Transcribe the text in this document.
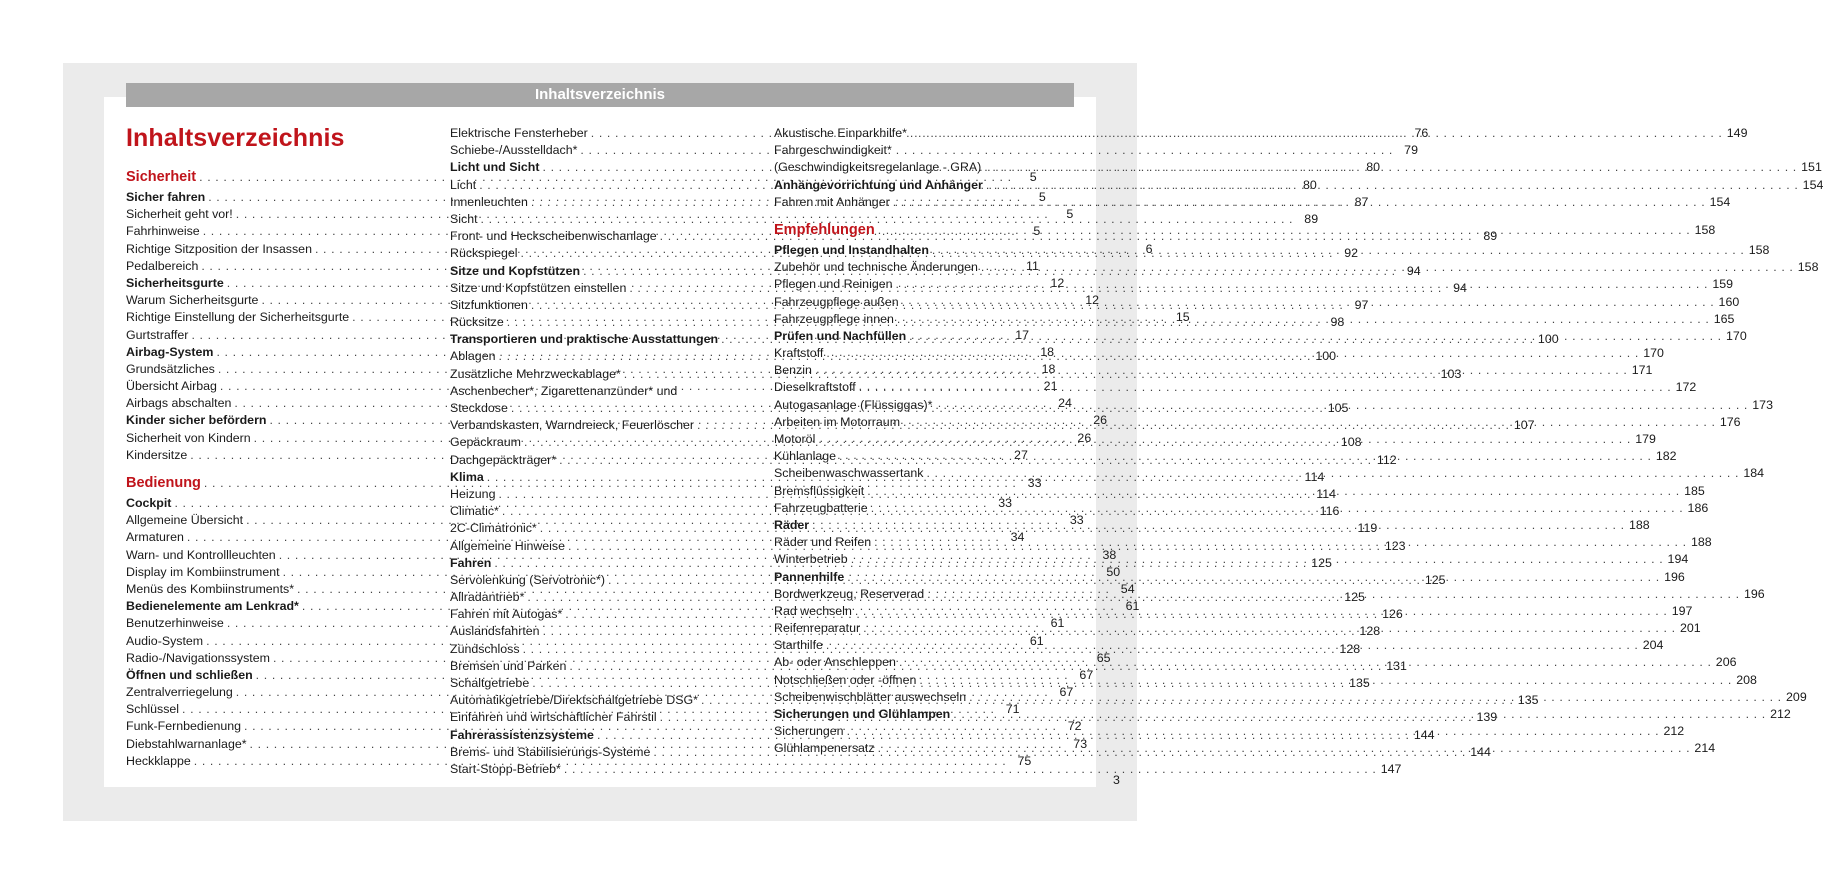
Inhaltsverzeichnis
Inhaltsverzeichnis
Sicherheit . . .	5
Sicher fahren . . .	5
Sicherheit geht vor! . . .	5
Fahrhinweise . . .	5
Richtige Sitzposition der Insassen . . .	6
Pedalbereich . . .	11
Sicherheitsgurte . . .	12
Warum Sicherheitsgurte . . .	12
Richtige Einstellung der Sicherheitsgurte . . .	15
Gurtstraffer . . .	17
Airbag-System . . .	18
Grundsätzliches . . .	18
Übersicht Airbag . . .	21
Airbags abschalten . . .	24
Kinder sicher befördern . . .	26
Sicherheit von Kindern . . .	26
Kindersitze . . .	27
Bedienung . . .	33
Cockpit . . .	33
Allgemeine Übersicht . . .	33
Armaturen . . .	34
Warn- und Kontrollleuchten . . .	38
Display im Kombiinstrument . . .	50
Menüs des Kombiinstruments* . . .	54
Bedienelemente am Lenkrad* . . .	61
Benutzerhinweise . . .	61
Audio-System . . .	61
Radio-/Navigationssystem . . .	65
Öffnen und schließen . . .	67
Zentralverriegelung . . .	67
Schlüssel . . .	71
Funk-Fernbedienung . . .	72
Diebstahlwarnanlage* . . .	73
Heckklappe . . .	75
Elektrische Fensterheber . . .	76
Schiebe-/Ausstelldach* . . .	79
Licht und Sicht . . .	80
Licht . . .	80
Innenleuchten . . .	87
Sicht . . .	89
Front- und Heckscheibenwischanlage . . .	89
Rückspiegel . . .	92
Sitze und Kopfstützen . . .	94
Sitze und Kopfstützen einstellen . . .	94
Sitzfunktionen . . .	97
Rücksitze . . .	98
Transportieren und praktische Ausstattungen . . .	100
Ablagen . . .	100
Zusätzliche Mehrzweckablage* . . .	103
Aschenbecher*, Zigarettenanzünder* und
Steckdose . . .	105
Verbandskasten, Warndreieck, Feuerlöscher . . .	107
Gepäckraum . . .	108
Dachgepäckträger* . . .	112
Klima . . .	114
Heizung . . .	114
Climatic* . . .	116
2C-Climatronic* . . .	119
Allgemeine Hinweise . . .	123
Fahren . . .	125
Servolenkung (Servotronic*) . . .	125
Allradantrieb* . . .	125
Fahren mit Autogas* . . .	126
Auslandsfahrten . . .	128
Zündschloss . . .	128
Bremsen und Parken . . .	131
Schaltgetriebe . . .	135
Automatikgetriebe/Direktschaltgetriebe DSG* . . .	135
Einfahren und wirtschaftlicher Fahrstil . . .	139
Fahrerassistenzsysteme . . .	144
Brems- und Stabilisierungs-Systeme . . .	144
Start-Stopp-Betrieb* . . .	147
Akustische Einparkhilfe* . . .	149
Fahrgeschwindigkeit*
(Geschwindigkeitsregelanlage - GRA) . . .	151
Anhängevorrichtung und Anhänger . . .	154
Fahren mit Anhänger . . .	154
Empfehlungen . . .	158
Pflegen und Instandhalten . . .	158
Zubehör und technische Änderungen . . .	158
Pflegen und Reinigen . . .	159
Fahrzeugpflege außen . . .	160
Fahrzeugpflege innen . . .	165
Prüfen und Nachfüllen . . .	170
Kraftstoff . . .	170
Benzin . . .	171
Dieselkraftstoff . . .	172
Autogasanlage (Flüssiggas)* . . .	173
Arbeiten im Motorraum . . .	176
Motoröl . . .	179
Kühlanlage . . .	182
Scheibenwaschwassertank . . .	184
Bremsflüssigkeit . . .	185
Fahrzeugbatterie . . .	186
Räder . . .	188
Räder und Reifen . . .	188
Winterbetrieb . . .	194
Pannenhilfe . . .	196
Bordwerkzeug, Reserverad . . .	196
Rad wechseln . . .	197
Reifenreparatur . . .	201
Starthilfe . . .	204
Ab- oder Anschleppen . . .	206
Notschließen oder -öffnen . . .	208
Scheibenwischblätter auswechseln . . .	209
Sicherungen und Glühlampen . . .	212
Sicherungen . . .	212
Glühlampenersatz . . .	214
3
